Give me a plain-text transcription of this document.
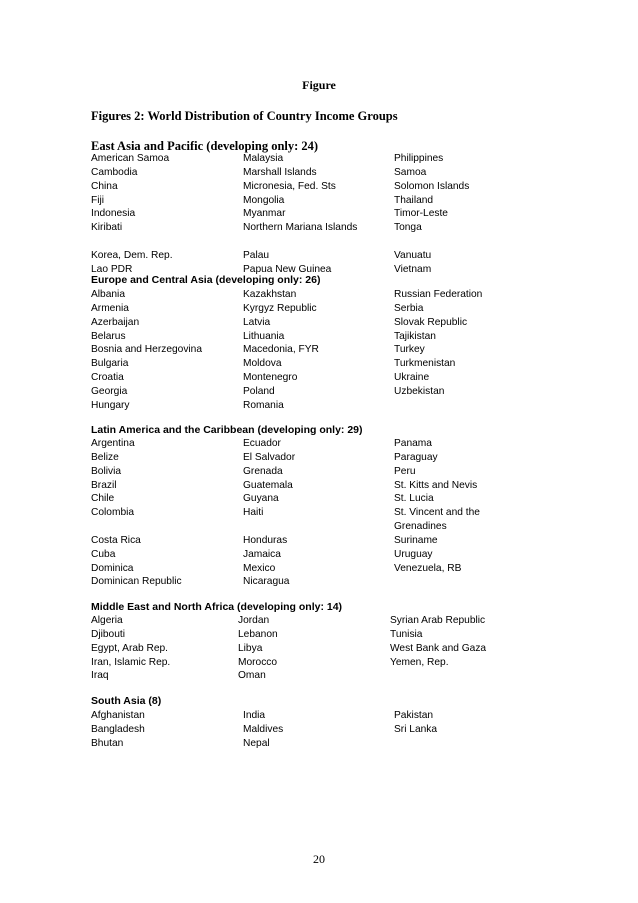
Figure
Figures 2: World Distribution of Country Income Groups
East Asia and Pacific (developing only: 24)
American Samoa	Malaysia	Philippines
Cambodia	Marshall Islands	Samoa
China	Micronesia, Fed. Sts	Solomon Islands
Fiji	Mongolia	Thailand
Indonesia	Myanmar	Timor-Leste
Kiribati	Northern Mariana Islands	Tonga
Korea, Dem. Rep.	Palau	Vanuatu
Lao PDR	Papua New Guinea	Vietnam
Europe and Central Asia (developing only: 26)
Albania	Kazakhstan	Russian Federation
Armenia	Kyrgyz Republic	Serbia
Azerbaijan	Latvia	Slovak Republic
Belarus	Lithuania	Tajikistan
Bosnia and Herzegovina	Macedonia, FYR	Turkey
Bulgaria	Moldova	Turkmenistan
Croatia	Montenegro	Ukraine
Georgia	Poland	Uzbekistan
Hungary	Romania
Latin America and the Caribbean (developing only: 29)
Argentina	Ecuador	Panama
Belize	El Salvador	Paraguay
Bolivia	Grenada	Peru
Brazil	Guatemala	St. Kitts and Nevis
Chile	Guyana	St. Lucia
Colombia	Haiti	St. Vincent and the Grenadines
Costa Rica	Honduras	Suriname
Cuba	Jamaica	Uruguay
Dominica	Mexico	Venezuela, RB
Dominican Republic	Nicaragua
Middle East and North Africa (developing only: 14)
Algeria	Jordan	Syrian Arab Republic
Djibouti	Lebanon	Tunisia
Egypt, Arab Rep.	Libya	West Bank and Gaza
Iran, Islamic Rep.	Morocco	Yemen, Rep.
Iraq	Oman
South Asia (8)
Afghanistan	India	Pakistan
Bangladesh	Maldives	Sri Lanka
Bhutan	Nepal
20
